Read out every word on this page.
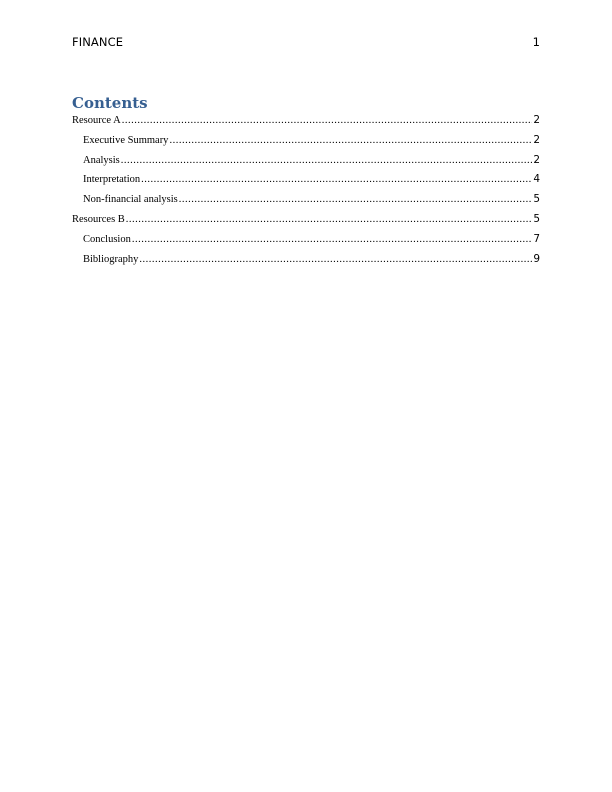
FINANCE	1
Contents
Resource A .....	2
Executive Summary .....	2
Analysis .....	2
Interpretation .....	4
Non-financial analysis .....	5
Resources B .....	5
Conclusion .....	7
Bibliography .....	9
